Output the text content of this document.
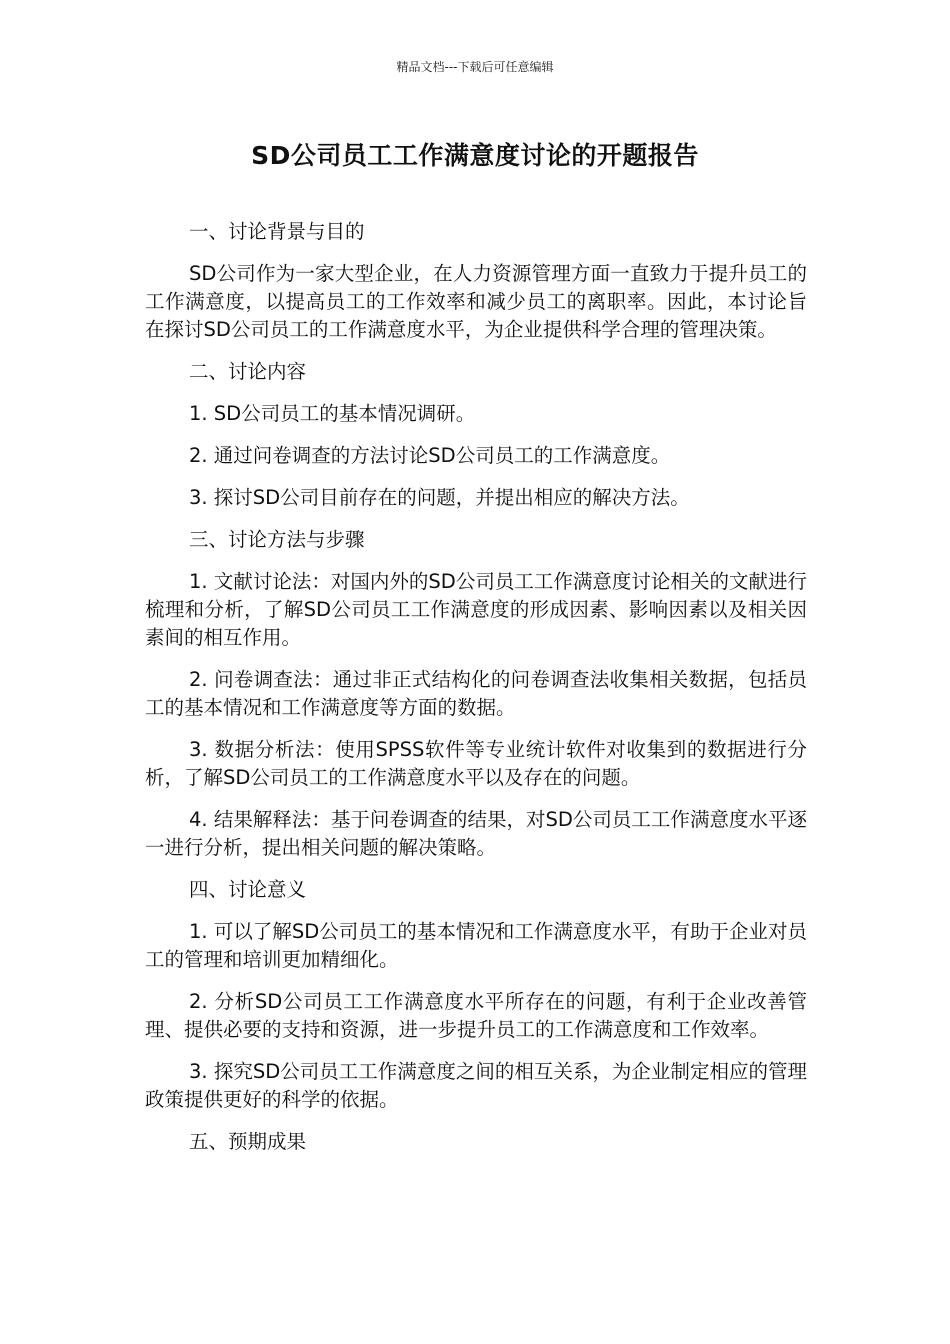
精品文档---下载后可任意编辑
SD公司员工工作满意度讨论的开题报告

一、讨论背景与目的

SD公司作为一家大型企业，在人力资源管理方面一直致力于提升员工的工作满意度，以提高员工的工作效率和减少员工的离职率。因此，本讨论旨在探讨SD公司员工的工作满意度水平，为企业提供科学合理的管理决策。

二、讨论内容

1. SD公司员工的基本情况调研。

2. 通过问卷调查的方法讨论SD公司员工的工作满意度。

3. 探讨SD公司目前存在的问题，并提出相应的解决方法。

三、讨论方法与步骤

1. 文献讨论法：对国内外的SD公司员工工作满意度讨论相关的文献进行梳理和分析，了解SD公司员工工作满意度的形成因素、影响因素以及相关因素间的相互作用。

2. 问卷调查法：通过非正式结构化的问卷调查法收集相关数据，包括员工的基本情况和工作满意度等方面的数据。

3. 数据分析法：使用SPSS软件等专业统计软件对收集到的数据进行分析，了解SD公司员工的工作满意度水平以及存在的问题。

4. 结果解释法：基于问卷调查的结果，对SD公司员工工作满意度水平逐一进行分析，提出相关问题的解决策略。

四、讨论意义

1. 可以了解SD公司员工的基本情况和工作满意度水平，有助于企业对员工的管理和培训更加精细化。

2. 分析SD公司员工工作满意度水平所存在的问题，有利于企业改善管理、提供必要的支持和资源，进一步提升员工的工作满意度和工作效率。

3. 探究SD公司员工工作满意度之间的相互关系，为企业制定相应的管理政策提供更好的科学的依据。

五、预期成果
